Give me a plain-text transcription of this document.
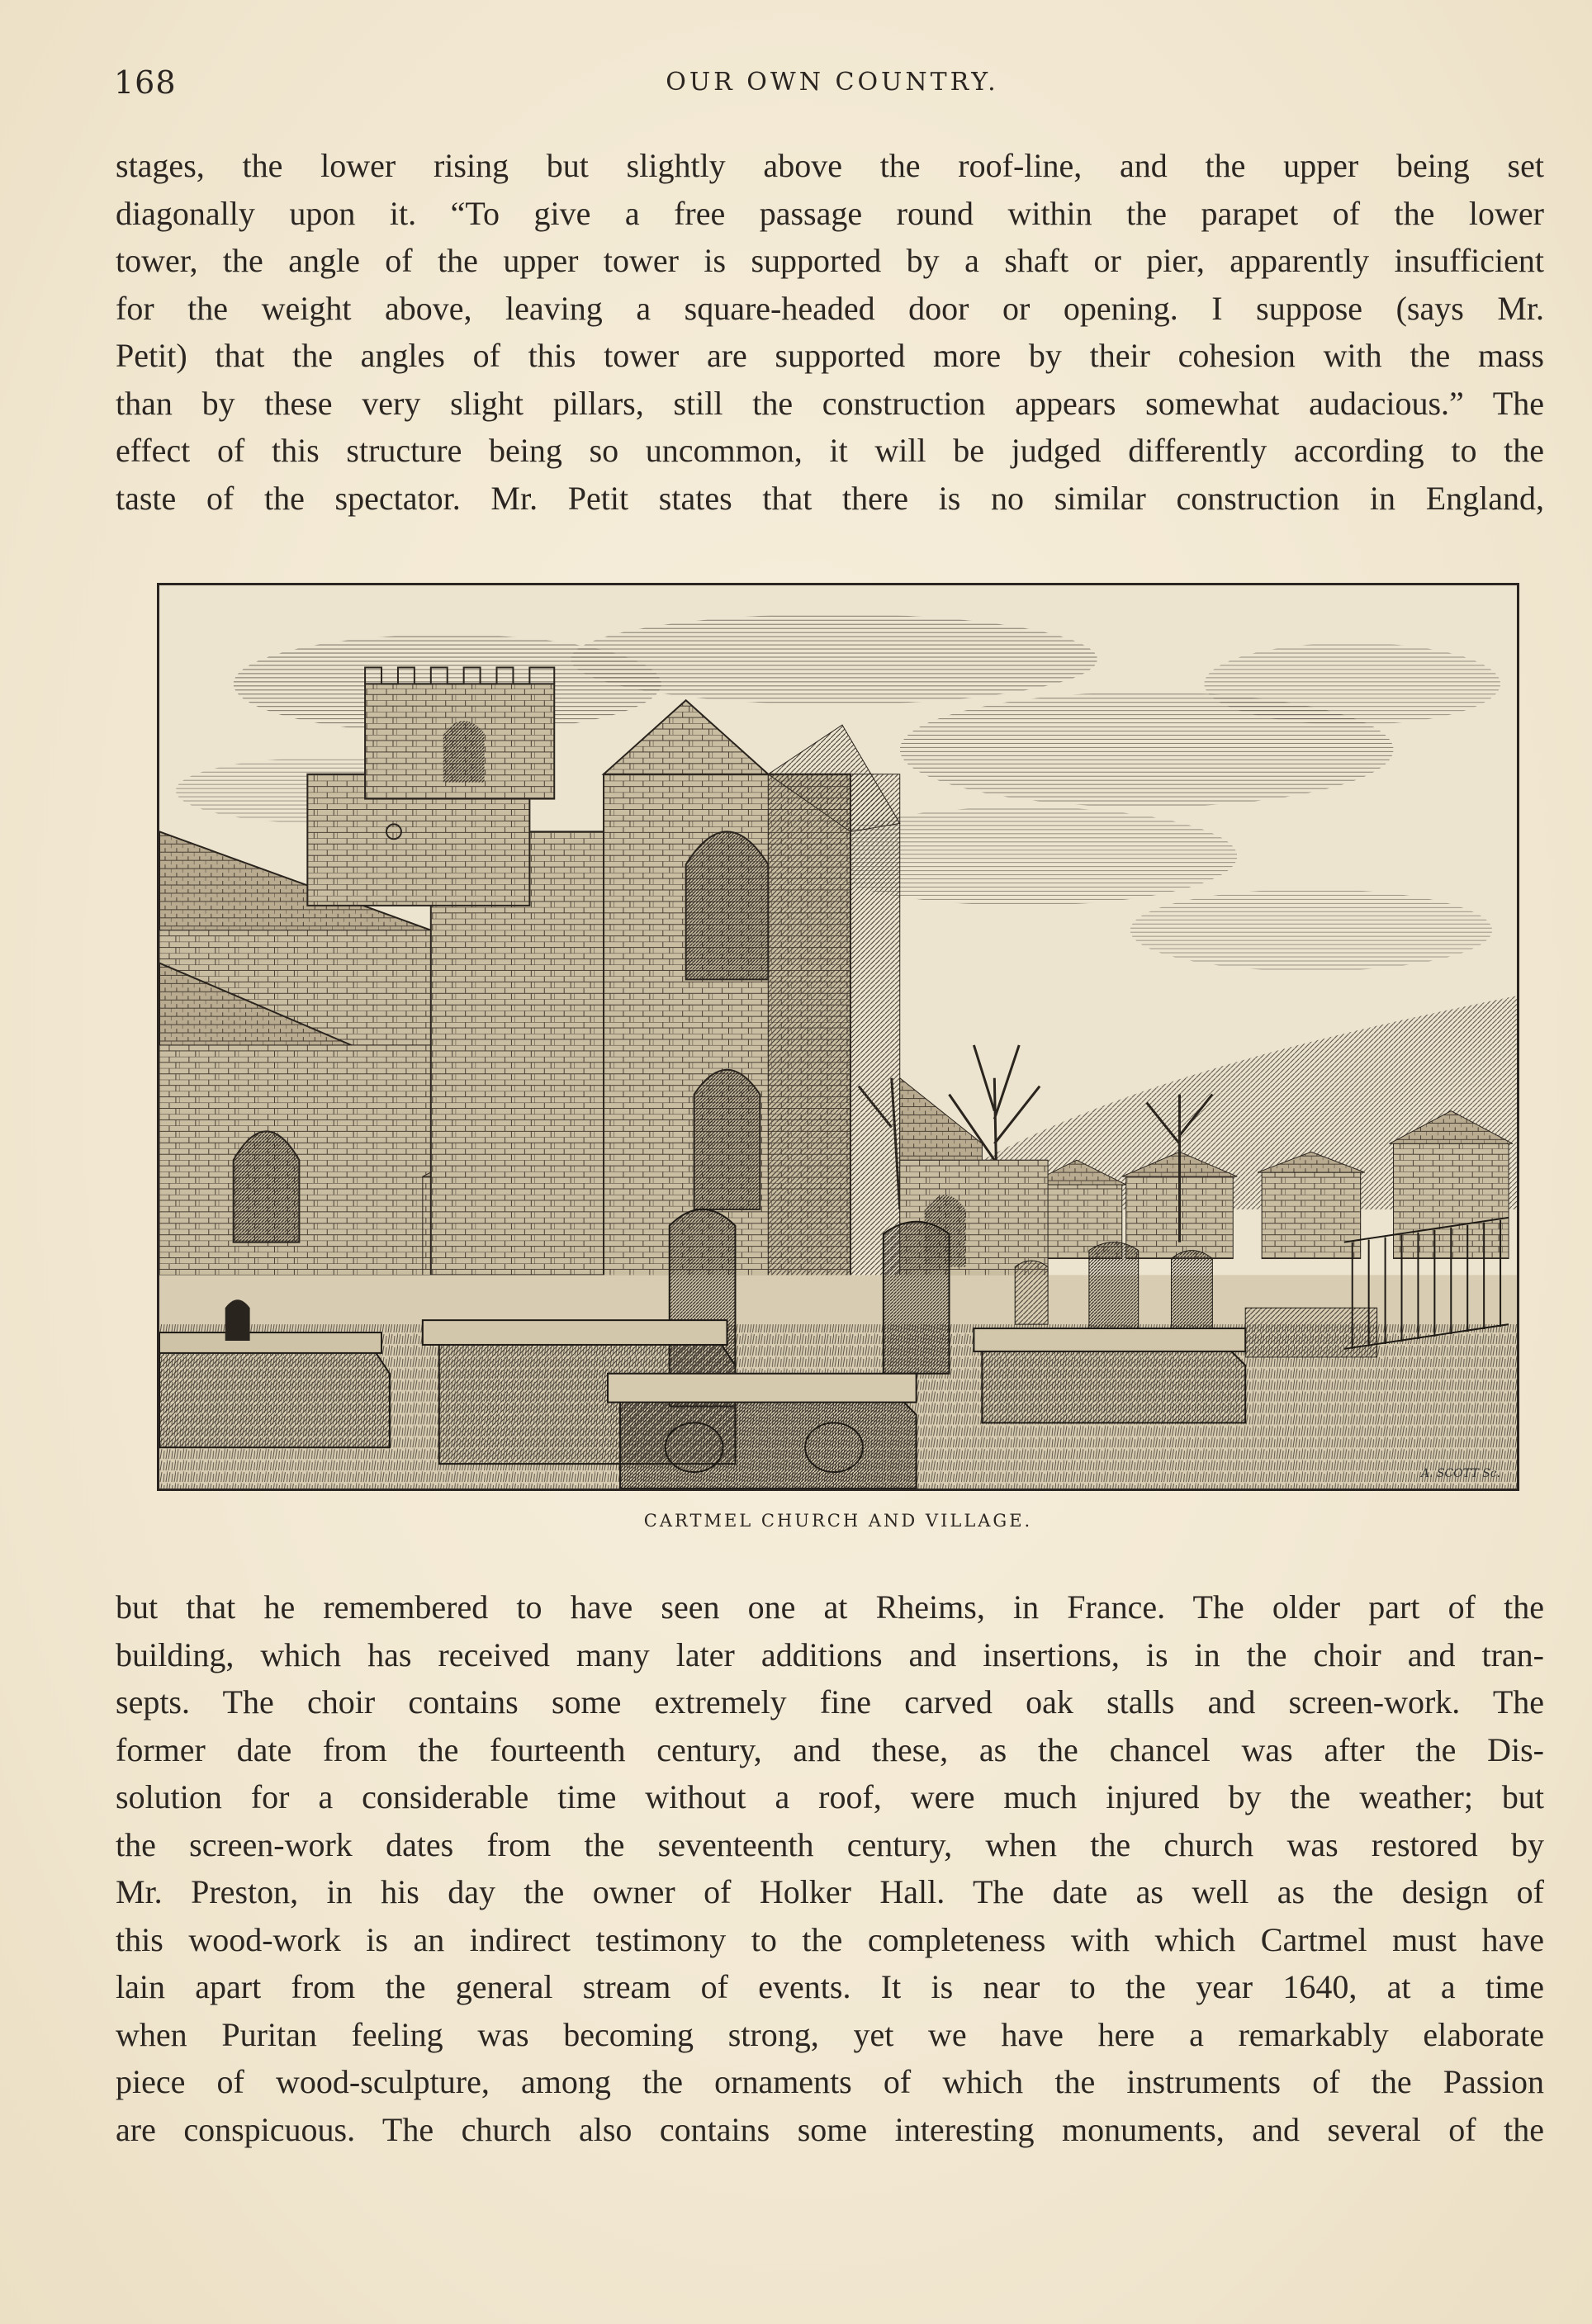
168	OUR OWN COUNTRY.
stages, the lower rising but slightly above the roof-line, and the upper being set
diagonally upon it. “To give a free passage round within the parapet of the lower
tower, the angle of the upper tower is supported by a shaft or pier, apparently insufficient
for the weight above, leaving a square-headed door or opening. I suppose (says Mr.
Petit) that the angles of this tower are supported more by their cohesion with the mass
than by these very slight pillars, still the construction appears somewhat audacious.” The
effect of this structure being so uncommon, it will be judged differently according to the
taste of the spectator. Mr. Petit states that there is no similar construction in England,
A. SCOTT Sc.
CARTMEL CHURCH AND VILLAGE.
but that he remembered to have seen one at Rheims, in France. The older part of the
building, which has received many later additions and insertions, is in the choir and tran-
septs. The choir contains some extremely fine carved oak stalls and screen-work. The
former date from the fourteenth century, and these, as the chancel was after the Dis-
solution for a considerable time without a roof, were much injured by the weather; but
the screen-work dates from the seventeenth century, when the church was restored by
Mr. Preston, in his day the owner of Holker Hall. The date as well as the design of
this wood-work is an indirect testimony to the completeness with which Cartmel must have
lain apart from the general stream of events. It is near to the year 1640, at a time
when Puritan feeling was becoming strong, yet we have here a remarkably elaborate
piece of wood-sculpture, among the ornaments of which the instruments of the Passion
are conspicuous. The church also contains some interesting monuments, and several of the
